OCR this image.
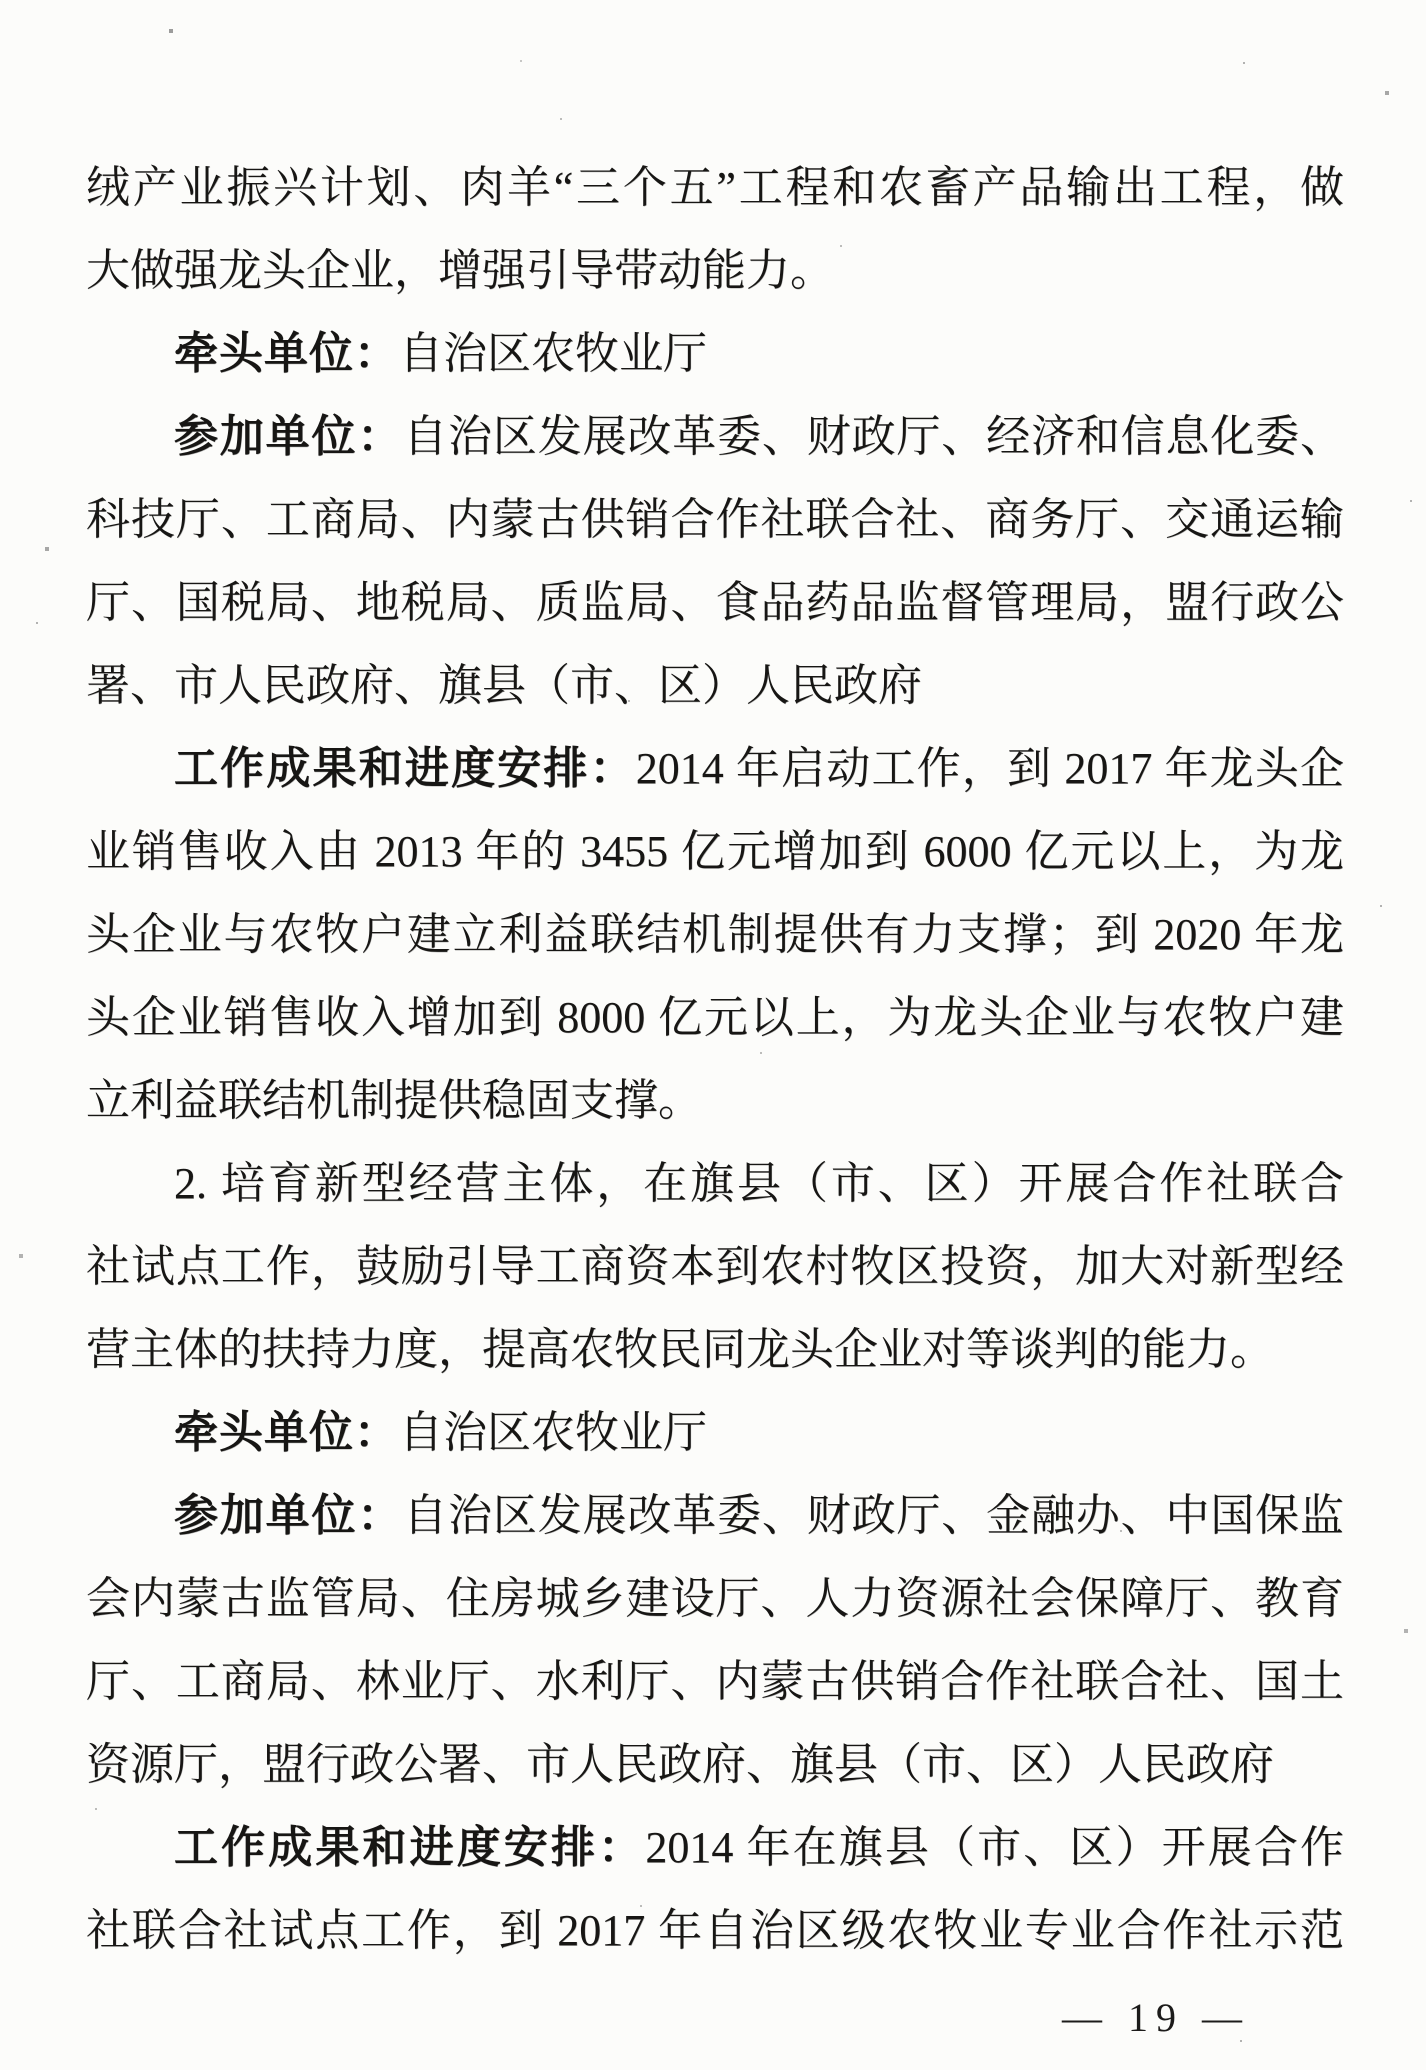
绒产业振兴计划、肉羊“三个五”工程和农畜产品输出工程，做
大做强龙头企业，增强引导带动能力。
牵头单位：自治区农牧业厅
参加单位：自治区发展改革委、财政厅、经济和信息化委、
科技厅、工商局、内蒙古供销合作社联合社、商务厅、交通运输
厅、国税局、地税局、质监局、食品药品监督管理局，盟行政公
署、市人民政府、旗县（市、区）人民政府
工作成果和进度安排：2014 年启动工作，到 2017 年龙头企
业销售收入由 2013 年的 3455 亿元增加到 6000 亿元以上，为龙
头企业与农牧户建立利益联结机制提供有力支撑；到 2020 年龙
头企业销售收入增加到 8000 亿元以上，为龙头企业与农牧户建
立利益联结机制提供稳固支撑。
2. 培育新型经营主体，在旗县（市、区）开展合作社联合
社试点工作，鼓励引导工商资本到农村牧区投资，加大对新型经
营主体的扶持力度，提高农牧民同龙头企业对等谈判的能力。
牵头单位：自治区农牧业厅
参加单位：自治区发展改革委、财政厅、金融办、中国保监
会内蒙古监管局、住房城乡建设厅、人力资源社会保障厅、教育
厅、工商局、林业厅、水利厅、内蒙古供销合作社联合社、国土
资源厅，盟行政公署、市人民政府、旗县（市、区）人民政府
工作成果和进度安排：2014 年在旗县（市、区）开展合作
社联合社试点工作，到 2017 年自治区级农牧业专业合作社示范
— 19 —
